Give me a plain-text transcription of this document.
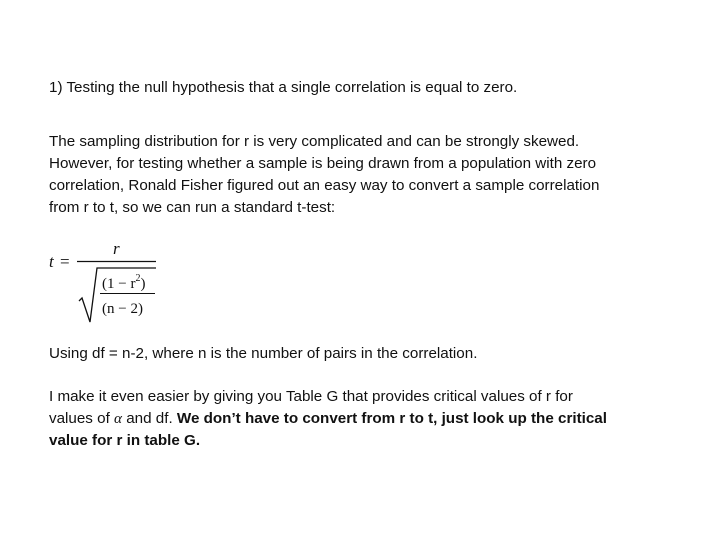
1) Testing the null hypothesis that a single correlation is equal to zero.

The sampling distribution for r is very complicated and can be strongly skewed.
However, for testing whether a sample is being drawn from a population with zero
correlation, Ronald Fisher figured out an easy way to convert a sample correlation
from r to t, so we can run a standard t-test:
t =
r
$(1 - r^2)$
(n − 2)

Using df = n-2, where n is the number of pairs in the correlation.

I make it even easier by giving you Table G that provides critical values of r for
values of α and df. We don’t have to convert from r to t, just look up the critical
value for r in table G.
